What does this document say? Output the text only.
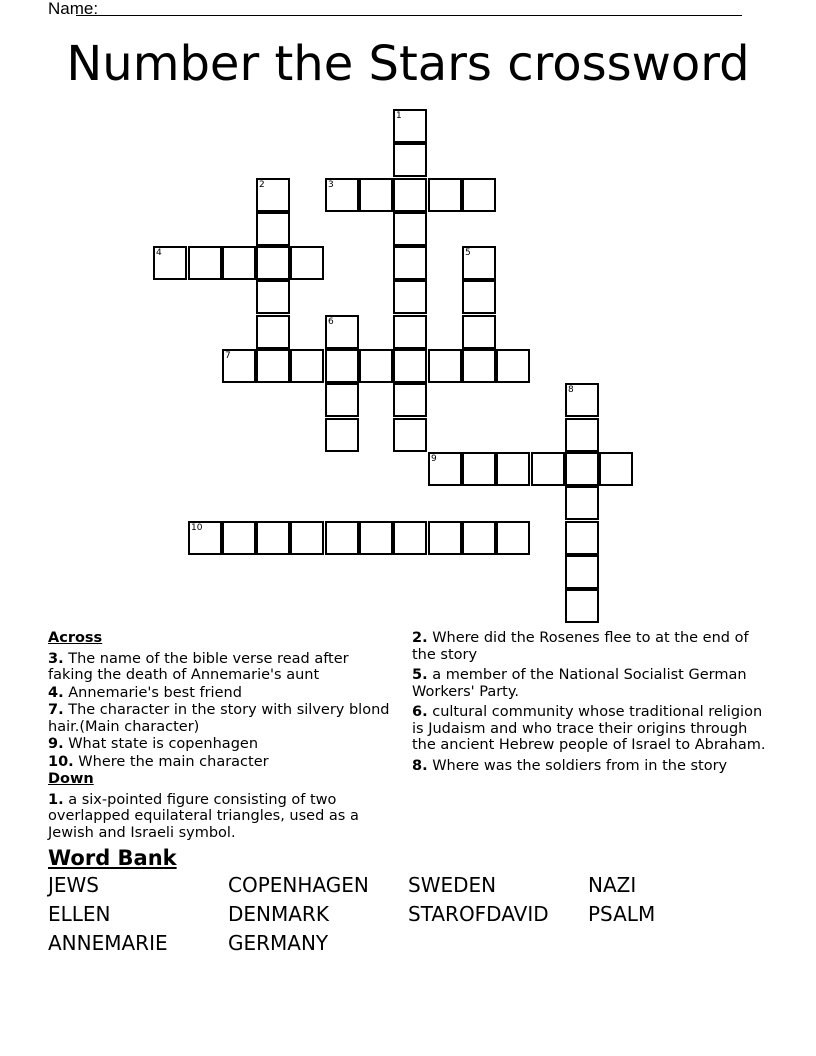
Name:
Number the Stars crossword
1
2	3
4	5
6
7
8
9
10
Across
3. The name of the bible verse read after faking the death of Annemarie's aunt
4. Annemarie's best friend
7. The character in the story with silvery blond hair.(Main character)
9. What state is copenhagen
10. Where the main character
Down
1. a six-pointed figure consisting of two overlapped equilateral triangles, used as a Jewish and Israeli symbol.
2. Where did the Rosenes flee to at the end of the story
5. a member of the National Socialist German Workers' Party.
6. cultural community whose traditional religion is Judaism and who trace their origins through the ancient Hebrew people of Israel to Abraham.
8. Where was the soldiers from in the story
Word Bank
JEWS	COPENHAGEN	SWEDEN	NAZI
ELLEN	DENMARK	STAROFDAVID	PSALM
ANNEMARIE	GERMANY
